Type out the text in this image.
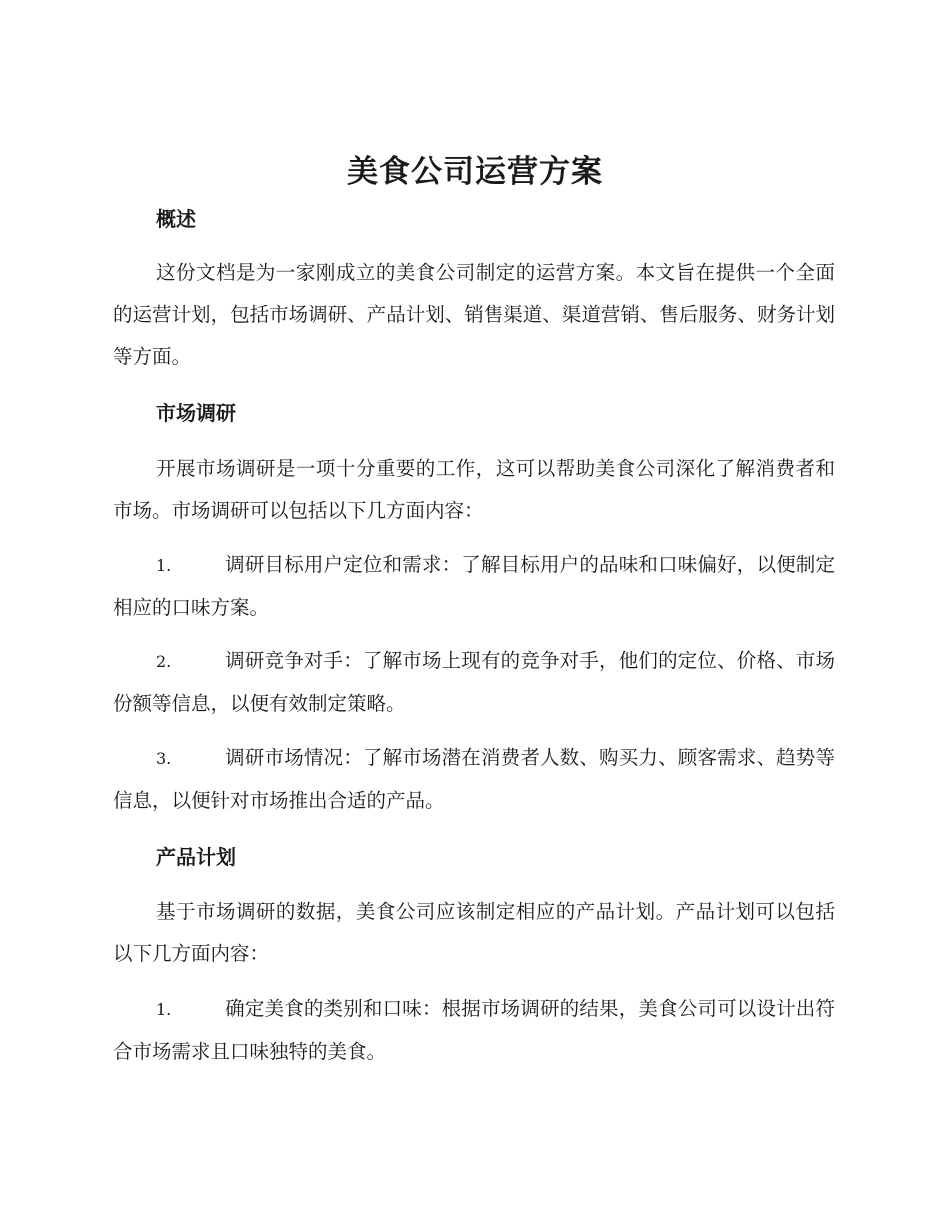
美食公司运营方案
概述

这份文档是为一家刚成立的美食公司制定的运营方案。本文旨在提供一个全面的运营计划，包括市场调研、产品计划、销售渠道、渠道营销、售后服务、财务计划等方面。

市场调研

开展市场调研是一项十分重要的工作，这可以帮助美食公司深化了解消费者和市场。市场调研可以包括以下几方面内容：

1.	调研目标用户定位和需求：了解目标用户的品味和口味偏好，以便制定相应的口味方案。

2.	调研竞争对手：了解市场上现有的竞争对手，他们的定位、价格、市场份额等信息，以便有效制定策略。

3.	调研市场情况：了解市场潜在消费者人数、购买力、顾客需求、趋势等信息，以便针对市场推出合适的产品。

产品计划

基于市场调研的数据，美食公司应该制定相应的产品计划。产品计划可以包括以下几方面内容：

1.	确定美食的类别和口味：根据市场调研的结果，美食公司可以设计出符合市场需求且口味独特的美食。
